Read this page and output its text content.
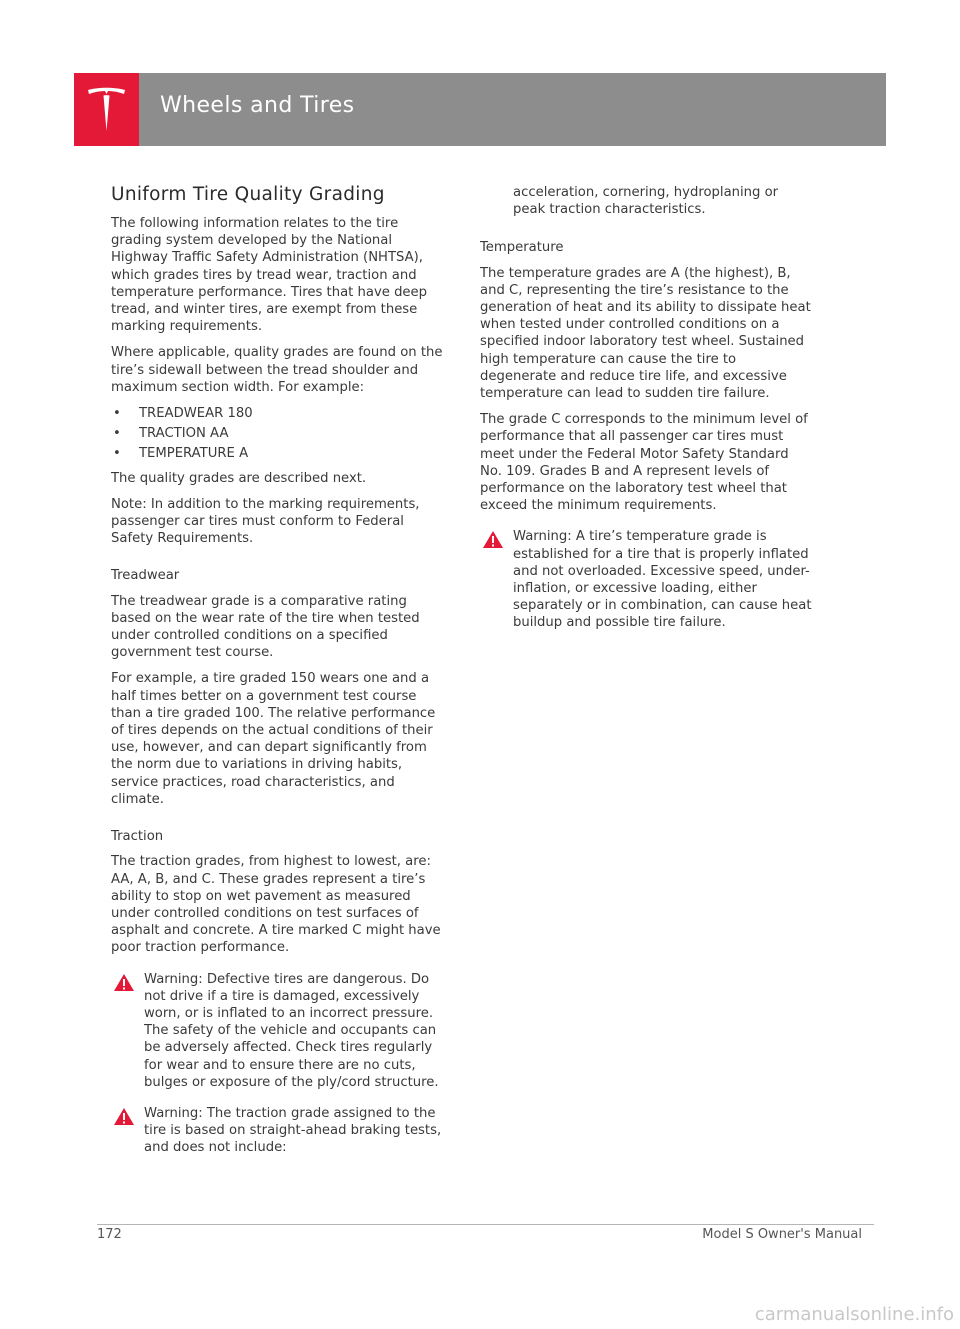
Wheels and Tires
Uniform Tire Quality Grading

The following information relates to the tire grading system developed by the National Highway Traffic Safety Administration (NHTSA), which grades tires by tread wear, traction and temperature performance. Tires that have deep tread, and winter tires, are exempt from these marking requirements.

Where applicable, quality grades are found on the tire’s sidewall between the tread shoulder and maximum section width. For example:

• TREADWEAR 180
• TRACTION AA
• TEMPERATURE A

The quality grades are described next.

Note: In addition to the marking requirements, passenger car tires must conform to Federal Safety Requirements.

Treadwear

The treadwear grade is a comparative rating based on the wear rate of the tire when tested under controlled conditions on a specified government test course.

For example, a tire graded 150 wears one and a half times better on a government test course than a tire graded 100. The relative performance of tires depends on the actual conditions of their use, however, and can depart significantly from the norm due to variations in driving habits, service practices, road characteristics, and climate.

Traction

The traction grades, from highest to lowest, are: AA, A, B, and C. These grades represent a tire’s ability to stop on wet pavement as measured under controlled conditions on test surfaces of asphalt and concrete. A tire marked C might have poor traction performance.

Warning: Defective tires are dangerous. Do not drive if a tire is damaged, excessively worn, or is inflated to an incorrect pressure. The safety of the vehicle and occupants can be adversely affected. Check tires regularly for wear and to ensure there are no cuts, bulges or exposure of the ply/cord structure.

Warning: The traction grade assigned to the tire is based on straight-ahead braking tests, and does not include:

acceleration, cornering, hydroplaning or peak traction characteristics.

Temperature

The temperature grades are A (the highest), B, and C, representing the tire’s resistance to the generation of heat and its ability to dissipate heat when tested under controlled conditions on a specified indoor laboratory test wheel. Sustained high temperature can cause the tire to degenerate and reduce tire life, and excessive temperature can lead to sudden tire failure.

The grade C corresponds to the minimum level of performance that all passenger car tires must meet under the Federal Motor Safety Standard No. 109. Grades B and A represent levels of performance on the laboratory test wheel that exceed the minimum requirements.

Warning: A tire’s temperature grade is established for a tire that is properly inflated and not overloaded. Excessive speed, under-inflation, or excessive loading, either separately or in combination, can cause heat buildup and possible tire failure.

172	Model S Owner's Manual
carmanualsonline.info
